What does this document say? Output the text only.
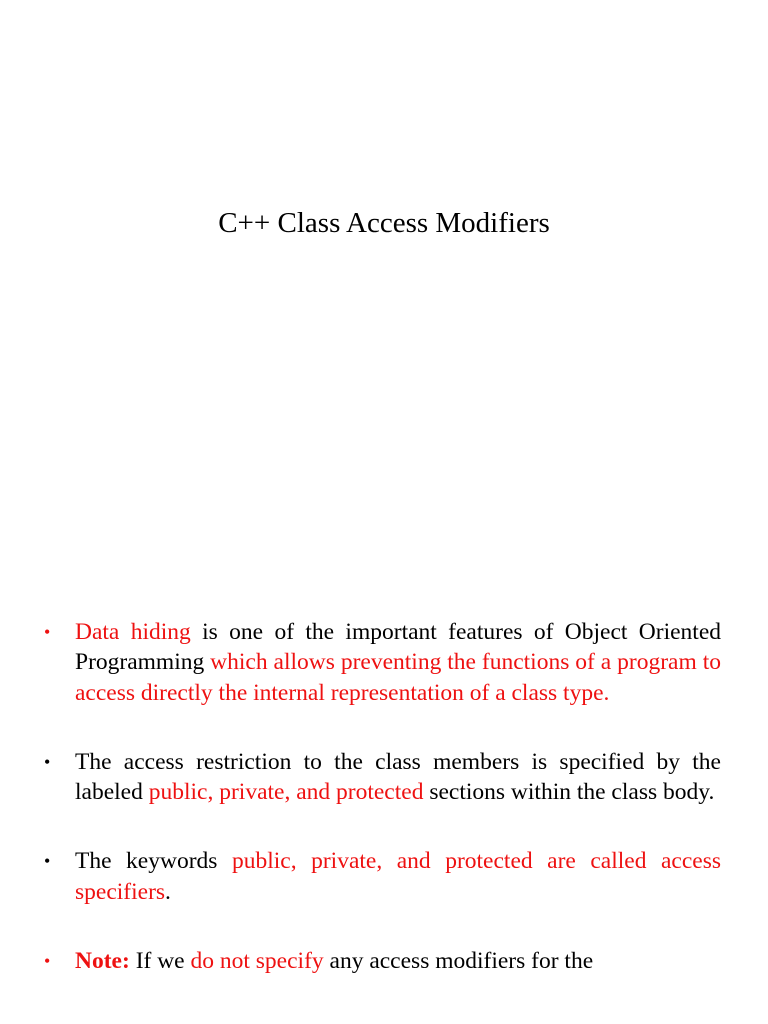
C++ Class Access Modifiers
•	Data hiding is one of the important features of Object Oriented Programming which allows preventing the functions of a program to access directly the internal representation of a class type.
•	The access restriction to the class members is specified by the labeled public, private, and protected sections within the class body.
•	The keywords public, private, and protected are called access specifiers.
•	Note: If we do not specify any access modifiers for the
